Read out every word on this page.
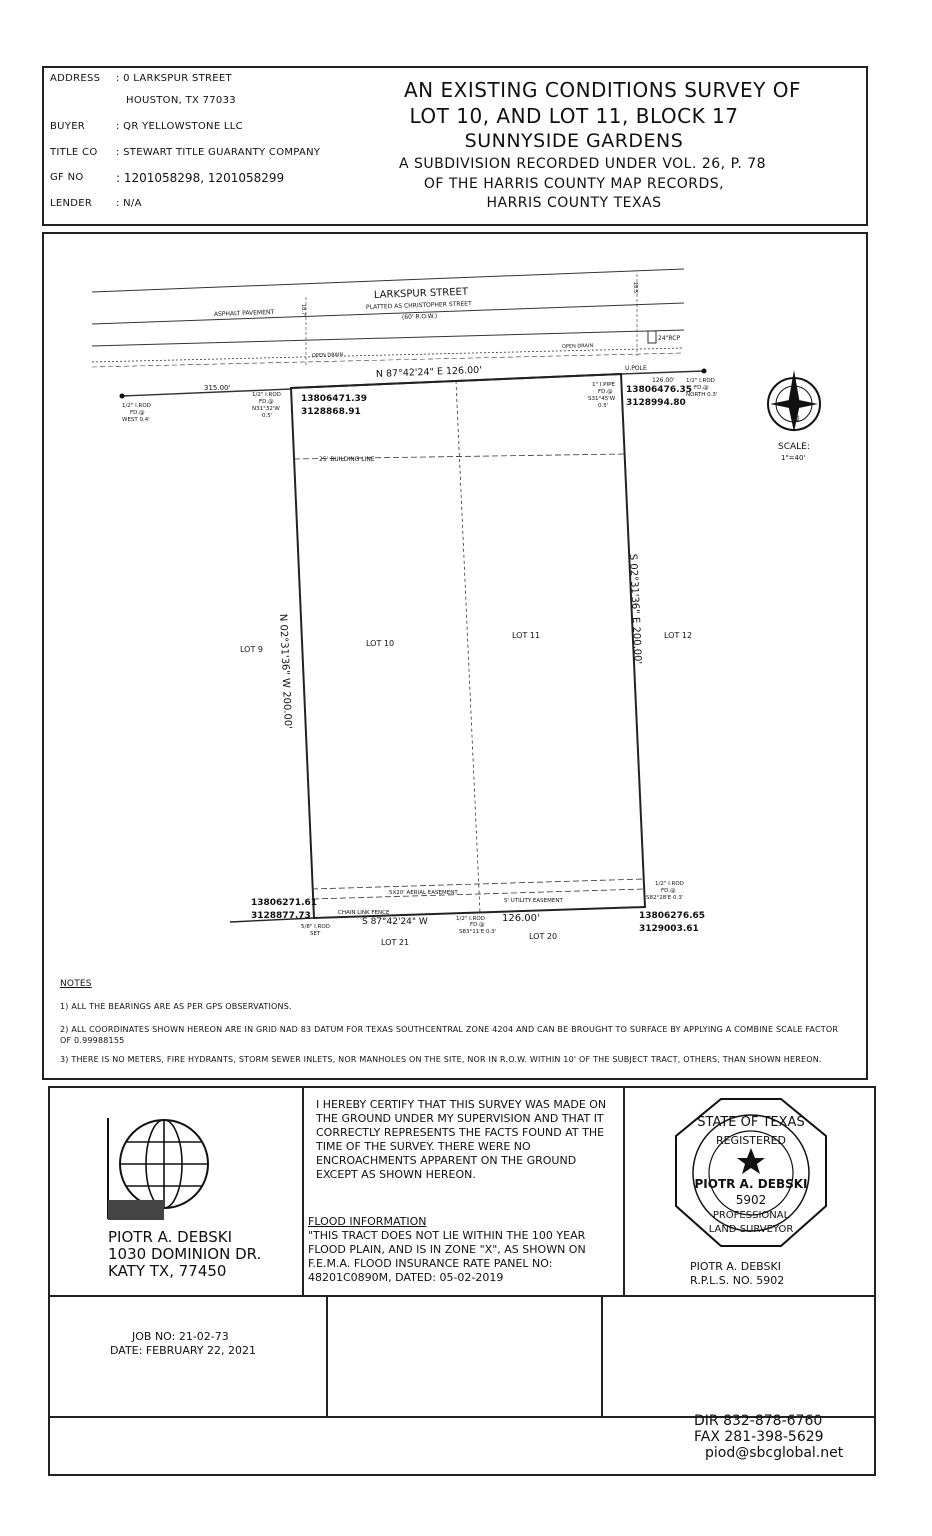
ADDRESS : 0 LARKSPUR STREET
HOUSTON, TX 77033
BUYER	: QR YELLOWSTONE LLC
TITLE CO : STEWART TITLE GUARANTY COMPANY
GF NO	: 1201058298, 1201058299
LENDER : N/A
AN EXISTING CONDITIONS SURVEY OF
LOT 10, AND LOT 11, BLOCK 17
SUNNYSIDE GARDENS
A SUBDIVISION RECORDED UNDER VOL. 26, P. 78
OF THE HARRIS COUNTY MAP RECORDS,
HARRIS COUNTY TEXAS
N
LARKSPUR STREET
PLATTED AS CHRISTOPHER STREET
(60' R.O.W.)
ASPHALT PAVEMENT
OPEN DRAIN
OPEN DRAIN
24"RCP
18.7'
18.5'
N 87°42'24" E 126.00'
315.00'
126.00'
U.POLE
1/2" I.ROD FD.@ WEST 0.4'
1/2" I.ROD FD.@ N31°32'W 0.5'
1" I.PIPE FD.@ S31°45'W 0.5'
1/2" I.ROD FD.@ NORTH 0.3'
13806471.39
3128868.91
13806476.35
3128994.80
25' BUILDING LINE
N 02°31'36" W 200.00'
S 02°31'36" E 200.00'
LOT 9
LOT 10
LOT 11	LOT 12
5X20' AERIAL EASEMENT
CHAIN LINK FENCE
5' UTILITY EASEMENT
S 87°42'24" W	126.00'
1/2" I.ROD FD.@ S83°11'E 0.3'
1/2" I.ROD FD.@ S82°28'E 0.3'
5/8" I.ROD SET
13806271.61
3128877.73	13806276.65
3129003.61
LOT 21
LOT 20
SCALE:
1"=40'
NOTES
1) ALL THE BEARINGS ARE AS PER GPS OBSERVATIONS.
2) ALL COORDINATES SHOWN HEREON ARE IN GRID NAD 83 DATUM FOR TEXAS SOUTHCENTRAL ZONE 4204 AND CAN BE BROUGHT TO SURFACE BY APPLYING A COMBINE SCALE FACTOR OF 0.99988155
3) THERE IS NO METERS, FIRE HYDRANTS, STORM SEWER INLETS, NOR MANHOLES ON THE SITE, NOR IN R.O.W. WITHIN 10' OF THE SUBJECT TRACT, OTHERS, THAN SHOWN HEREON.
PIOTR A. DEBSKI
1030 DOMINION DR.
KATY TX, 77450
I HEREBY CERTIFY THAT THIS SURVEY WAS MADE ON THE GROUND UNDER MY SUPERVISION AND THAT IT CORRECTLY REPRESENTS THE FACTS FOUND AT THE TIME OF THE SURVEY. THERE WERE NO ENCROACHMENTS APPARENT ON THE GROUND EXCEPT AS SHOWN HEREON.
FLOOD INFORMATION
"THIS TRACT DOES NOT LIE WITHIN THE 100 YEAR FLOOD PLAIN, AND IS IN ZONE "X", AS SHOWN ON F.E.M.A. FLOOD INSURANCE RATE PANEL NO: 48201C0890M, DATED: 05-02-2019
STATE OF TEXAS
REGISTERED
PIOTR A. DEBSKI
5902
PROFESSIONAL
LAND SURVEYOR
PIOTR A. DEBSKI
R.P.L.S. NO. 5902
JOB NO: 21-02-73
DATE: FEBRUARY 22, 2021
DIR 832-878-6760
FAX 281-398-5629
piod@sbcglobal.net
